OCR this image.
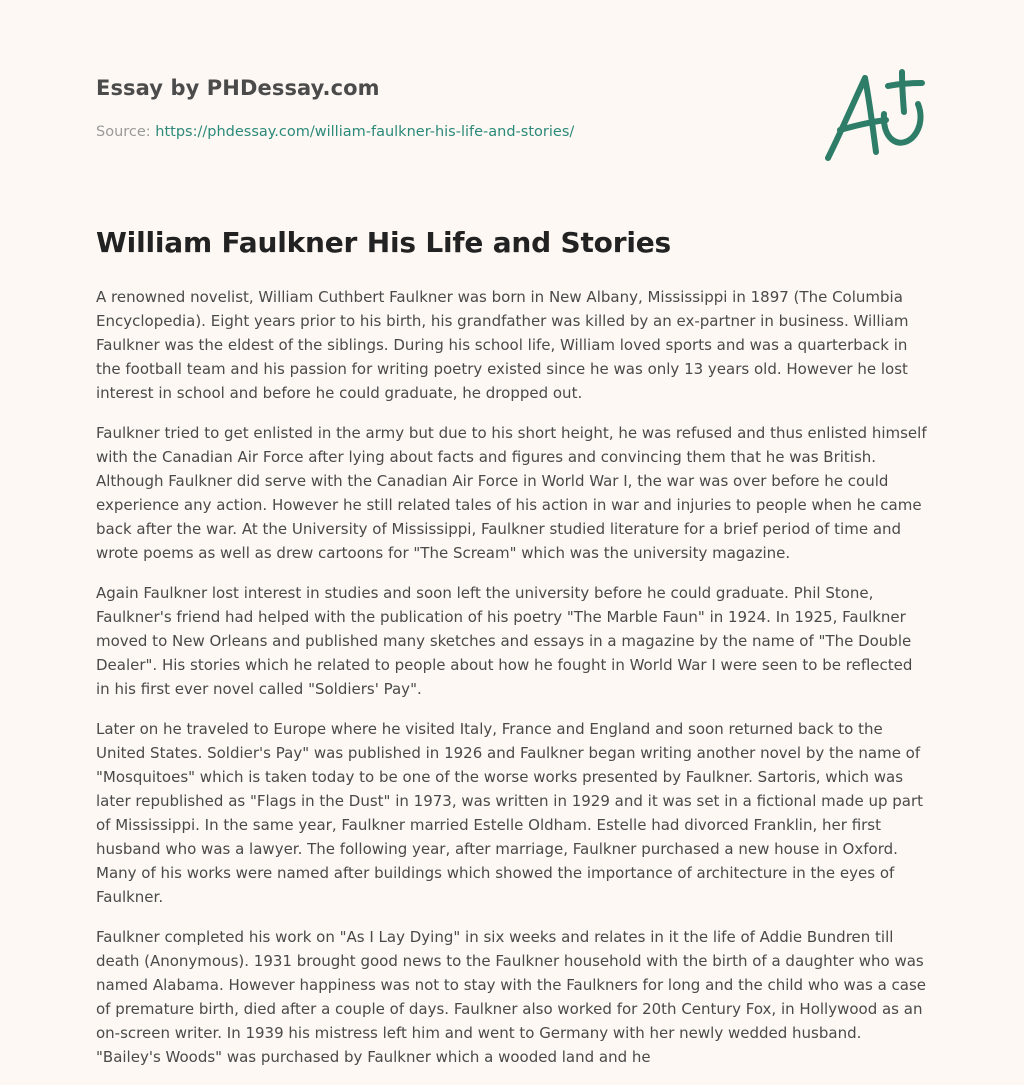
Essay by PHDessay.com
Source: https://phdessay.com/william-faulkner-his-life-and-stories/
William Faulkner His Life and Stories

A renowned novelist, William Cuthbert Faulkner was born in New Albany, Mississippi in 1897 (The Columbia Encyclopedia). Eight years prior to his birth, his grandfather was killed by an ex-partner in business. William Faulkner was the eldest of the siblings. During his school life, William loved sports and was a quarterback in the football team and his passion for writing poetry existed since he was only 13 years old. However he lost interest in school and before he could graduate, he dropped out.

Faulkner tried to get enlisted in the army but due to his short height, he was refused and thus enlisted himself with the Canadian Air Force after lying about facts and figures and convincing them that he was British. Although Faulkner did serve with the Canadian Air Force in World War I, the war was over before he could experience any action. However he still related tales of his action in war and injuries to people when he came back after the war. At the University of Mississippi, Faulkner studied literature for a brief period of time and wrote poems as well as drew cartoons for "The Scream" which was the university magazine.

Again Faulkner lost interest in studies and soon left the university before he could graduate. Phil Stone, Faulkner's friend had helped with the publication of his poetry "The Marble Faun" in 1924. In 1925, Faulkner moved to New Orleans and published many sketches and essays in a magazine by the name of "The Double Dealer". His stories which he related to people about how he fought in World War I were seen to be reflected in his first ever novel called "Soldiers' Pay".

Later on he traveled to Europe where he visited Italy, France and England and soon returned back to the United States. Soldier's Pay" was published in 1926 and Faulkner began writing another novel by the name of "Mosquitoes" which is taken today to be one of the worse works presented by Faulkner. Sartoris, which was later republished as "Flags in the Dust" in 1973, was written in 1929 and it was set in a fictional made up part of Mississippi. In the same year, Faulkner married Estelle Oldham. Estelle had divorced Franklin, her first husband who was a lawyer. The following year, after marriage, Faulkner purchased a new house in Oxford. Many of his works were named after buildings which showed the importance of architecture in the eyes of Faulkner.

Faulkner completed his work on "As I Lay Dying" in six weeks and relates in it the life of Addie Bundren till death (Anonymous). 1931 brought good news to the Faulkner household with the birth of a daughter who was named Alabama. However happiness was not to stay with the Faulkners for long and the child who was a case of premature birth, died after a couple of days. Faulkner also worked for 20th Century Fox, in Hollywood as an on-screen writer. In 1939 his mistress left him and went to Germany with her newly wedded husband. "Bailey's Woods" was purchased by Faulkner which a wooded land and he
